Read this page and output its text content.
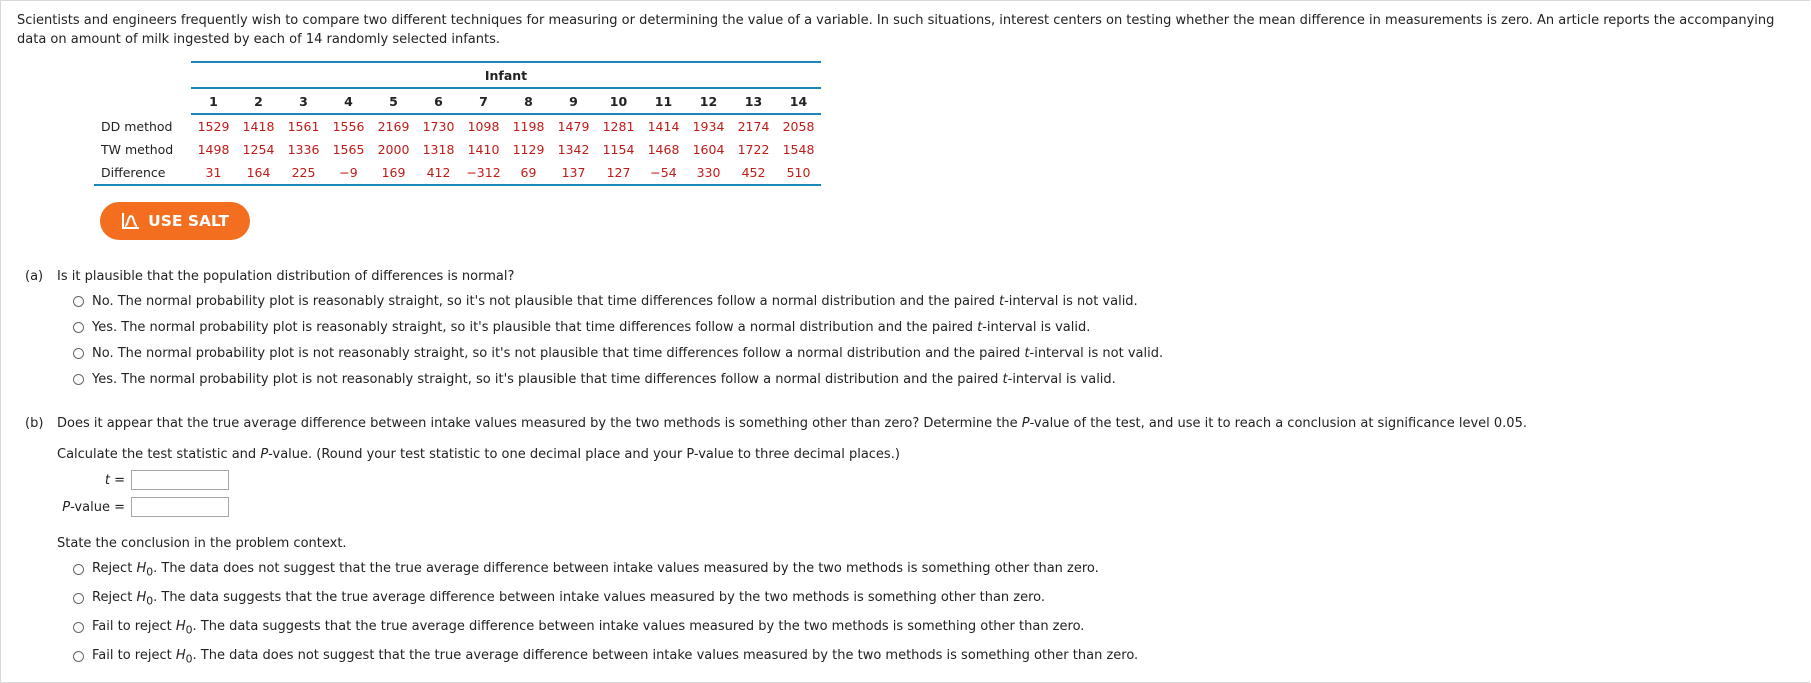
Scientists and engineers frequently wish to compare two different techniques for measuring or determining the value of a variable. In such situations, interest centers on testing whether the mean difference in measurements is zero. An article reports the accompanying data on amount of milk ingested by each of 14 randomly selected infants.
	Infant													
	1	2	3	4	5	6	7	8	9	10	11	12	13	14
DD method	1529	1418	1561	1556	2169	1730	1098	1198	1479	1281	1414	1934	2174	2058
TW method	1498	1254	1336	1565	2000	1318	1410	1129	1342	1154	1468	1604	1722	1548
Difference	31	164	225	−9	169	412	−312	69	137	127	−54	330	452	510
USE SALT
(a) Is it plausible that the population distribution of differences is normal?
No. The normal probability plot is reasonably straight, so it's not plausible that time differences follow a normal distribution and the paired t-interval is not valid.
Yes. The normal probability plot is reasonably straight, so it's plausible that time differences follow a normal distribution and the paired t-interval is valid.
No. The normal probability plot is not reasonably straight, so it's not plausible that time differences follow a normal distribution and the paired t-interval is not valid.
Yes. The normal probability plot is not reasonably straight, so it's plausible that time differences follow a normal distribution and the paired t-interval is valid.
(b) Does it appear that the true average difference between intake values measured by the two methods is something other than zero? Determine the P-value of the test, and use it to reach a conclusion at significance level 0.05.
Calculate the test statistic and P-value. (Round your test statistic to one decimal place and your P-value to three decimal places.)
t =
P-value =
State the conclusion in the problem context.
Reject $H_0$. The data does not suggest that the true average difference between intake values measured by the two methods is something other than zero.
Reject $H_0$. The data suggests that the true average difference between intake values measured by the two methods is something other than zero.
Fail to reject $H_0$. The data suggests that the true average difference between intake values measured by the two methods is something other than zero.
Fail to reject $H_0$. The data does not suggest that the true average difference between intake values measured by the two methods is something other than zero.
